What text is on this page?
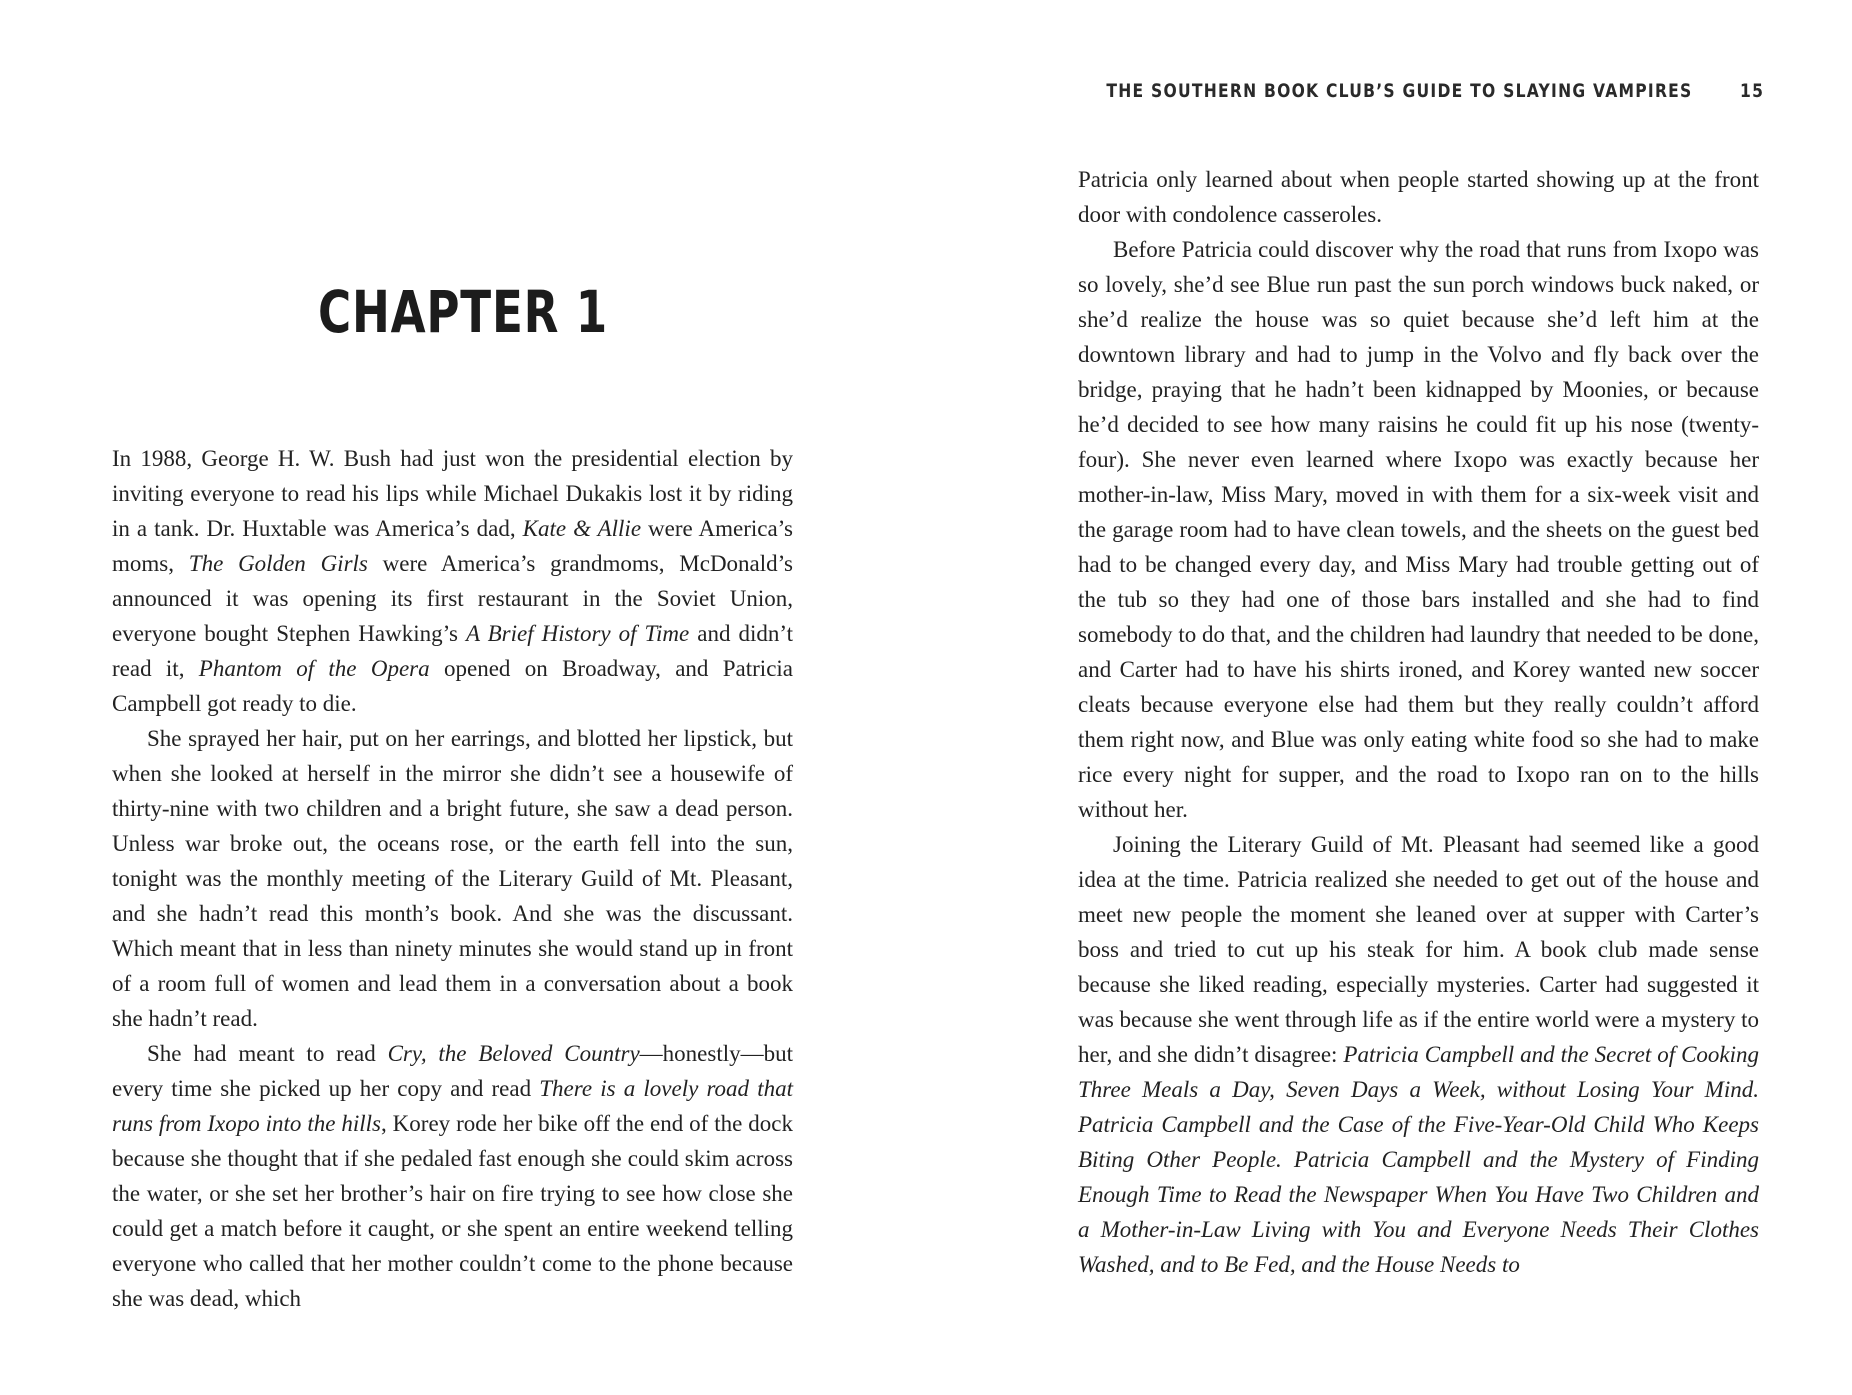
CHAPTER 1

In 1988, George H. W. Bush had just won the presidential election by inviting everyone to read his lips while Michael Dukakis lost it by riding in a tank. Dr. Huxtable was America’s dad, Kate & Allie were America’s moms, The Golden Girls were America’s grandmoms, McDonald’s announced it was opening its first restaurant in the Soviet Union, everyone bought Stephen Hawking’s A Brief History of Time and didn’t read it, Phantom of the Opera opened on Broadway, and Patricia Campbell got ready to die.

She sprayed her hair, put on her earrings, and blotted her lipstick, but when she looked at herself in the mirror she didn’t see a housewife of thirty-nine with two children and a bright future, she saw a dead person. Unless war broke out, the oceans rose, or the earth fell into the sun, tonight was the monthly meeting of the Literary Guild of Mt. Pleasant, and she hadn’t read this month’s book. And she was the discussant. Which meant that in less than ninety minutes she would stand up in front of a room full of women and lead them in a conversation about a book she hadn’t read.

She had meant to read Cry, the Beloved Country—honestly—but every time she picked up her copy and read There is a lovely road that runs from Ixopo into the hills, Korey rode her bike off the end of the dock because she thought that if she pedaled fast enough she could skim across the water, or she set her brother’s hair on fire trying to see how close she could get a match before it caught, or she spent an entire weekend telling everyone who called that her mother couldn’t come to the phone because she was dead, which

THE SOUTHERN BOOK CLUB’S GUIDE TO SLAYING VAMPIRES	15

Patricia only learned about when people started showing up at the front door with condolence casseroles.

Before Patricia could discover why the road that runs from Ixopo was so lovely, she’d see Blue run past the sun porch windows buck naked, or she’d realize the house was so quiet because she’d left him at the downtown library and had to jump in the Volvo and fly back over the bridge, praying that he hadn’t been kidnapped by Moonies, or because he’d decided to see how many raisins he could fit up his nose (twenty-four). She never even learned where Ixopo was exactly because her mother-in-law, Miss Mary, moved in with them for a six-week visit and the garage room had to have clean towels, and the sheets on the guest bed had to be changed every day, and Miss Mary had trouble getting out of the tub so they had one of those bars installed and she had to find somebody to do that, and the children had laundry that needed to be done, and Carter had to have his shirts ironed, and Korey wanted new soccer cleats because everyone else had them but they really couldn’t afford them right now, and Blue was only eating white food so she had to make rice every night for supper, and the road to Ixopo ran on to the hills without her.

Joining the Literary Guild of Mt. Pleasant had seemed like a good idea at the time. Patricia realized she needed to get out of the house and meet new people the moment she leaned over at supper with Carter’s boss and tried to cut up his steak for him. A book club made sense because she liked reading, especially mysteries. Carter had suggested it was because she went through life as if the entire world were a mystery to her, and she didn’t disagree: Patricia Campbell and the Secret of Cooking Three Meals a Day, Seven Days a Week, without Losing Your Mind. Patricia Campbell and the Case of the Five-Year-Old Child Who Keeps Biting Other People. Patricia Campbell and the Mystery of Finding Enough Time to Read the Newspaper When You Have Two Children and a Mother-in-Law Living with You and Everyone Needs Their Clothes Washed, and to Be Fed, and the House Needs to
